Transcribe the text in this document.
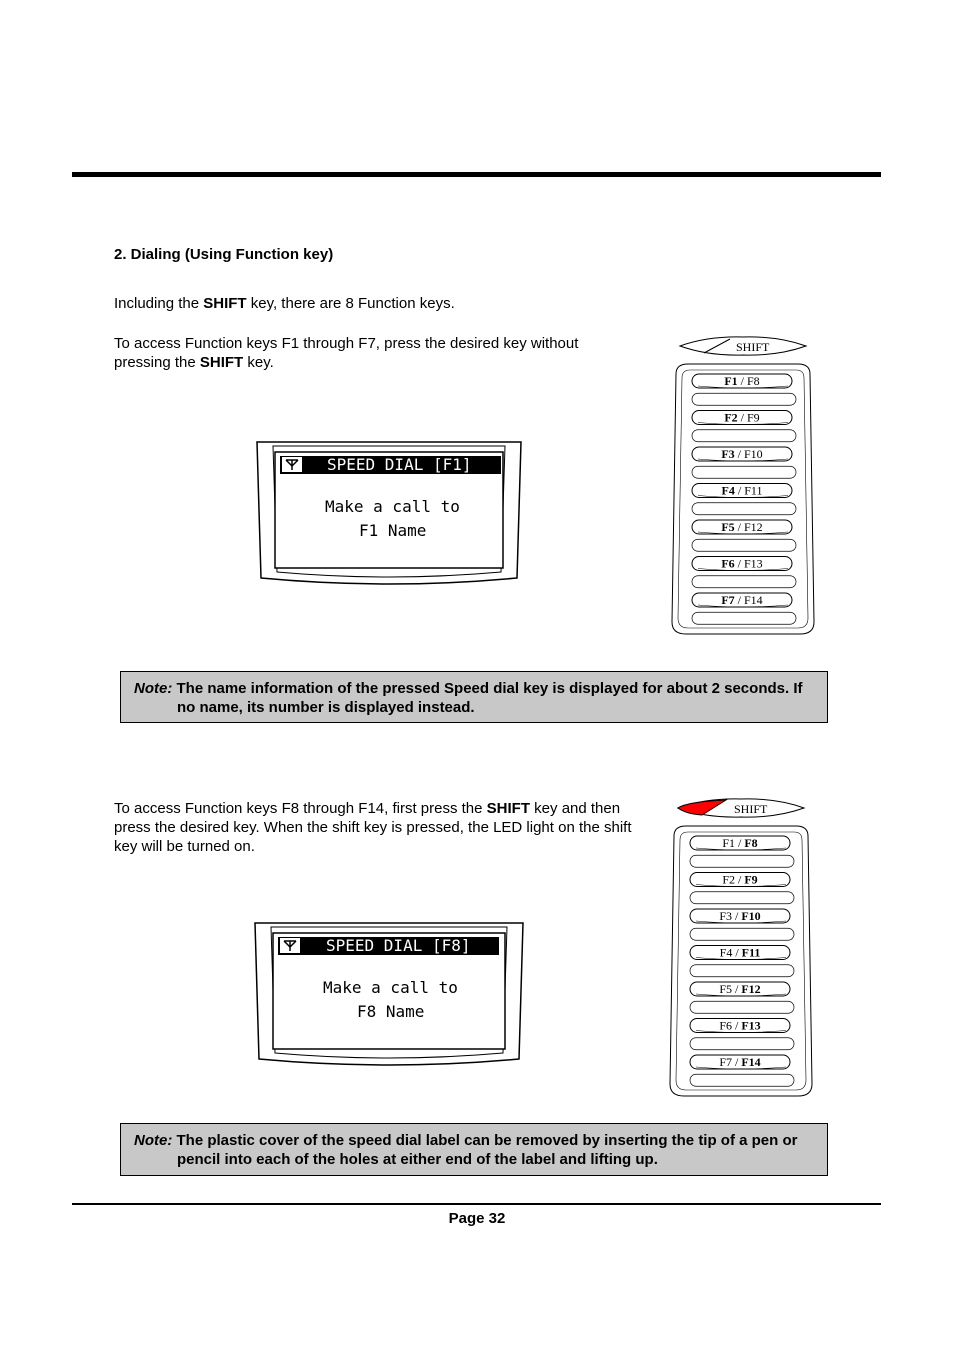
2. Dialing (Using Function key)
Including the SHIFT key, there are 8 Function keys.
To access Function keys F1 through F7, press the desired key without pressing the SHIFT key.
SPEED DIAL [F1]
Make a call to
F1 Name
SHIFT
F1 / F8
F2 / F9
F3 / F10
F4 / F11
F5 / F12
F6 / F13
F7 / F14
Note: The name information of the pressed Speed dial key is displayed for about 2 seconds. If no name, its number is displayed instead.
To access Function keys F8 through F14, first press the SHIFT key and then press the desired key. When the shift key is pressed, the LED light on the shift key will be turned on.
SHIFT
F1 / F8
F2 / F9
F3 / F10
F4 / F11
F5 / F12
F6 / F13
F7 / F14
SPEED DIAL [F8]
Make a call to
F8 Name
Note: The plastic cover of the speed dial label can be removed by inserting the tip of a pen or pencil into each of the holes at either end of the label and lifting up.
Page 32
